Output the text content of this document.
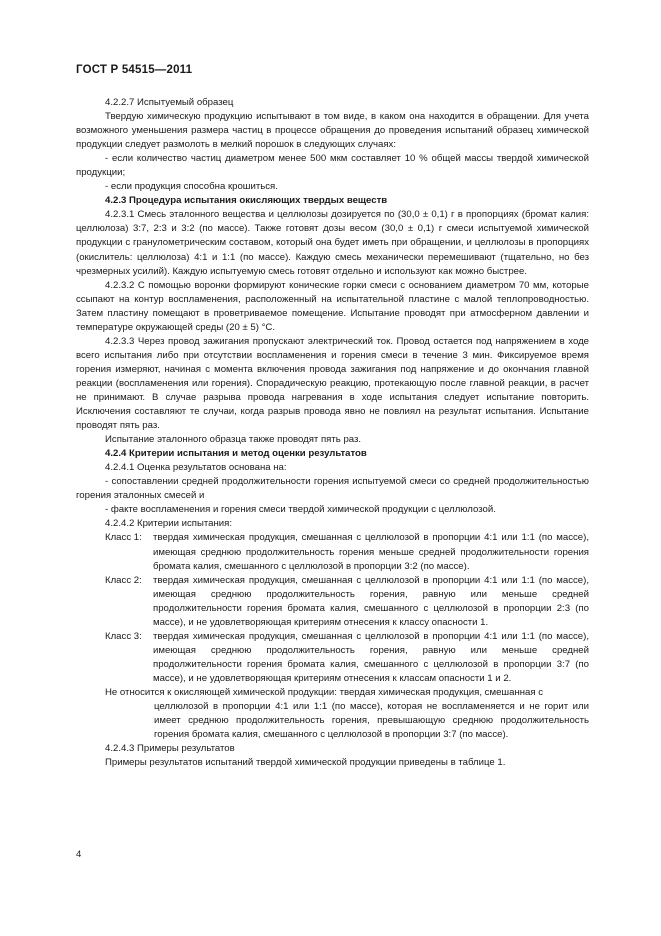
ГОСТ Р 54515—2011

4.2.2.7 Испытуемый образец

Твердую химическую продукцию испытывают в том виде, в каком она находится в обращении. Для учета возможного уменьшения размера частиц в процессе обращения до проведения испытаний образец химической продукции следует размолоть в мелкий порошок в следующих случаях:

- если количество частиц диаметром менее 500 мкм составляет 10 % общей массы твердой химической продукции;

- если продукция способна крошиться.

4.2.3 Процедура испытания окисляющих твердых веществ

4.2.3.1 Смесь эталонного вещества и целлюлозы дозируется по (30,0 ± 0,1) г в пропорциях (бромат калия: целлюлоза) 3:7, 2:3 и 3:2 (по массе). Также готовят дозы весом (30,0 ± 0,1) г смеси испытуемой химической продукции с гранулометрическим составом, который она будет иметь при обращении, и целлюлозы в пропорциях (окислитель: целлюлоза) 4:1 и 1:1 (по массе). Каждую смесь механически перемешивают (тщательно, но без чрезмерных усилий). Каждую испытуемую смесь готовят отдельно и используют как можно быстрее.

4.2.3.2 С помощью воронки формируют конические горки смеси с основанием диаметром 70 мм, которые ссыпают на контур воспламенения, расположенный на испытательной пластине с малой теплопроводностью. Затем пластину помещают в проветриваемое помещение. Испытание проводят при атмосферном давлении и температуре окружающей среды (20 ± 5) °С.

4.2.3.3 Через провод зажигания пропускают электрический ток. Провод остается под напряжением в ходе всего испытания либо при отсутствии воспламенения и горения смеси в течение 3 мин. Фиксируемое время горения измеряют, начиная с момента включения провода зажигания под напряжение и до окончания главной реакции (воспламенения или горения). Спорадическую реакцию, протекающую после главной реакции, в расчет не принимают. В случае разрыва провода нагревания в ходе испытания следует испытание повторить. Исключения составляют те случаи, когда разрыв провода явно не повлиял на результат испытания. Испытание проводят пять раз.

Испытание эталонного образца также проводят пять раз.

4.2.4 Критерии испытания и метод оценки результатов

4.2.4.1 Оценка результатов основана на:

- сопоставлении средней продолжительности горения испытуемой смеси со средней продолжительностью горения эталонных смесей и

- факте воспламенения и горения смеси твердой химической продукции с целлюлозой.

4.2.4.2 Критерии испытания:

Класс 1:	твердая химическая продукция, смешанная с целлюлозой в пропорции 4:1 или 1:1 (по массе), имеющая среднюю продолжительность горения меньше средней продолжительности горения бромата калия, смешанного с целлюлозой в пропорции 3:2 (по массе).
Класс 2:	твердая химическая продукция, смешанная с целлюлозой в пропорции 4:1 или 1:1 (по массе), имеющая среднюю продолжительность горения, равную или меньше средней продолжительности горения бромата калия, смешанного с целлюлозой в пропорции 2:3 (по массе), и не удовлетворяющая критериям отнесения к классу опасности 1.
Класс 3:	твердая химическая продукция, смешанная с целлюлозой в пропорции 4:1 или 1:1 (по массе), имеющая среднюю продолжительность горения, равную или меньше средней продолжительности горения бромата калия, смешанного с целлюлозой в пропорции 3:7 (по массе), и не удовлетворяющая критериям отнесения к классам опасности 1 и 2.

Не относится к окисляющей химической продукции: твердая химическая продукция, смешанная с

целлюлозой в пропорции 4:1 или 1:1 (по массе), которая не воспламеняется и не горит или имеет среднюю продолжительность горения, превышающую среднюю продолжительность горения бромата калия, смешанного с целлюлозой в пропорции 3:7 (по массе).

4.2.4.3 Примеры результатов

Примеры результатов испытаний твердой химической продукции приведены в таблице 1.

4
